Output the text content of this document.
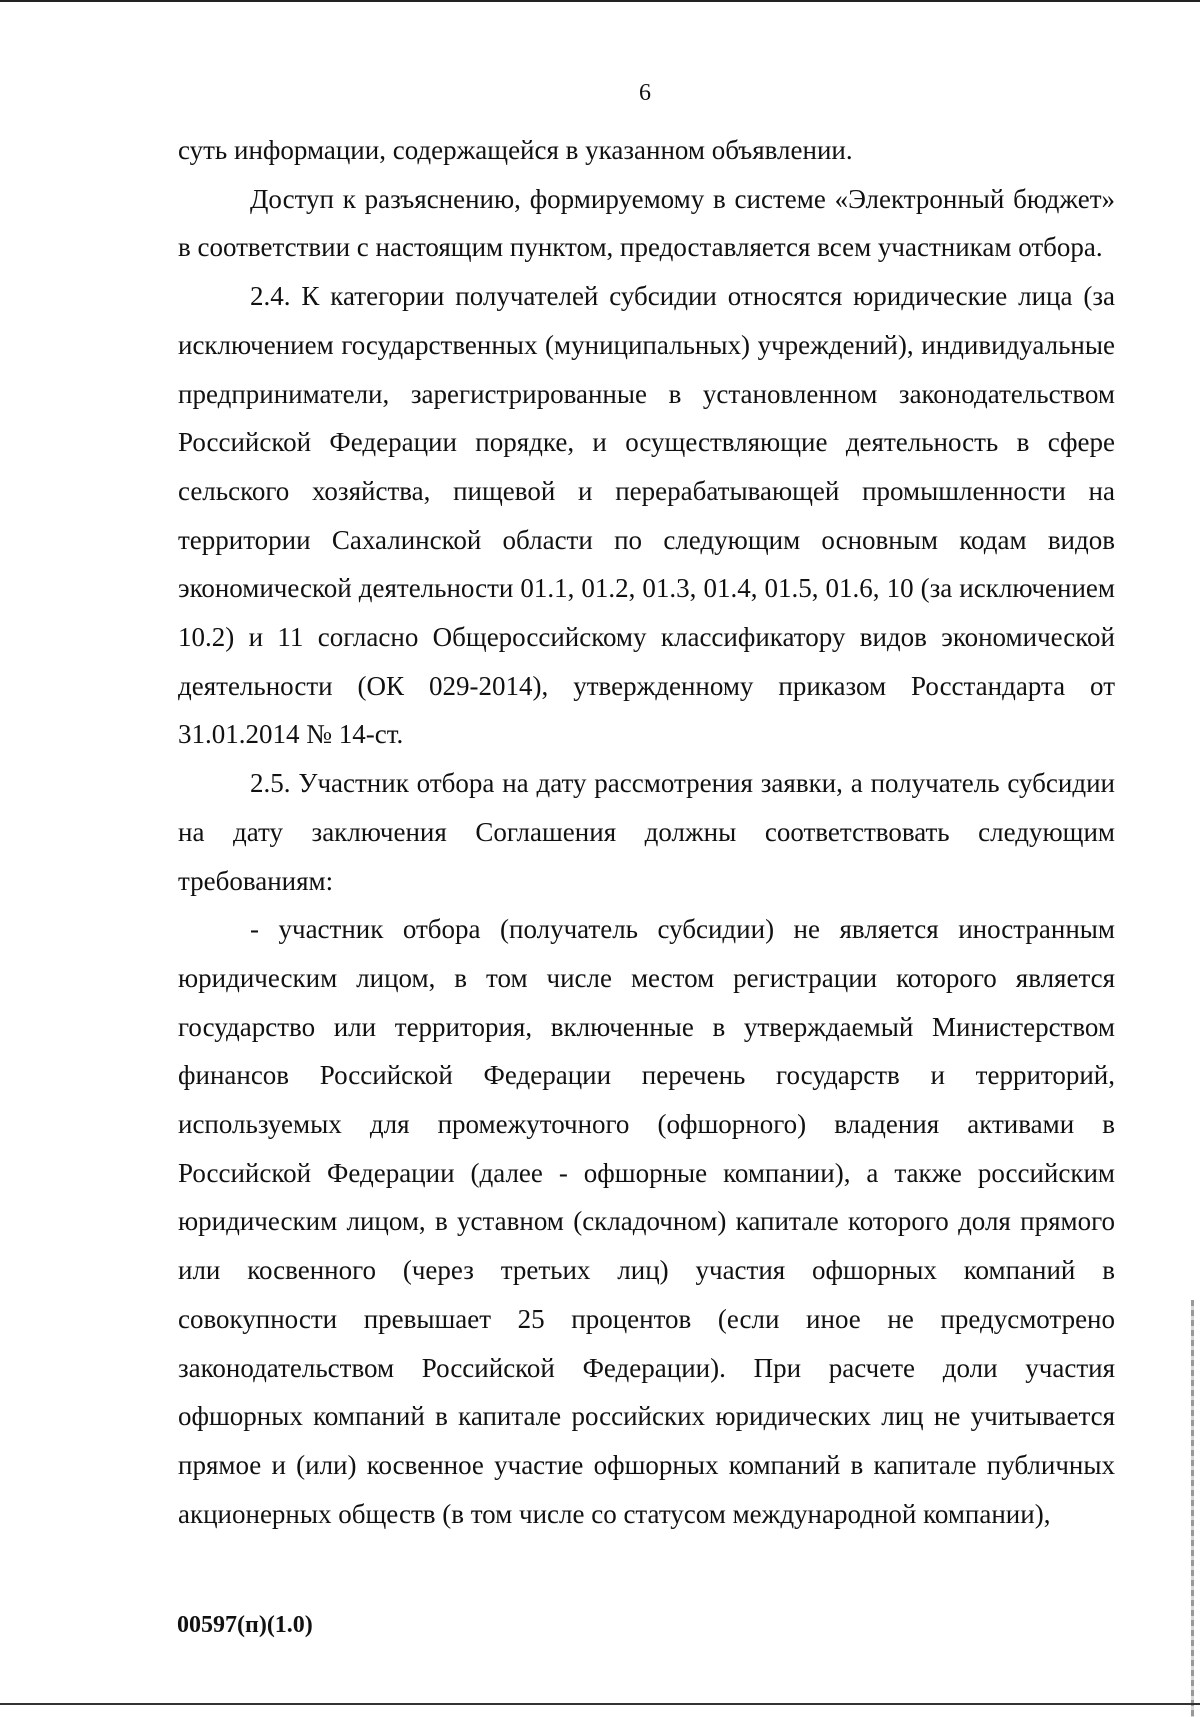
6

суть информации, содержащейся в указанном объявлении.

Доступ к разъяснению, формируемому в системе «Электронный бюджет» в соответствии с настоящим пунктом, предоставляется всем участникам отбора.

2.4. К категории получателей субсидии относятся юридические лица (за исключением государственных (муниципальных) учреждений), индивидуальные предприниматели, зарегистрированные в установленном законодательством Российской Федерации порядке, и осуществляющие деятельность в сфере сельского хозяйства, пищевой и перерабатывающей промышленности на территории Сахалинской области по следующим основным кодам видов экономической деятельности 01.1, 01.2, 01.3, 01.4, 01.5, 01.6, 10 (за исключением 10.2) и 11 согласно Общероссийскому классификатору видов экономической деятельности (ОК 029-2014), утвержденному приказом Росстандарта от 31.01.2014 № 14-ст.

2.5. Участник отбора на дату рассмотрения заявки, а получатель субсидии на дату заключения Соглашения должны соответствовать следующим требованиям:

- участник отбора (получатель субсидии) не является иностранным юридическим лицом, в том числе местом регистрации которого является государство или территория, включенные в утверждаемый Министерством финансов Российской Федерации перечень государств и территорий, используемых для промежуточного (офшорного) владения активами в Российской Федерации (далее - офшорные компании), а также российским юридическим лицом, в уставном (складочном) капитале которого доля прямого или косвенного (через третьих лиц) участия офшорных компаний в совокупности превышает 25 процентов (если иное не предусмотрено законодательством Российской Федерации). При расчете доли участия офшорных компаний в капитале российских юридических лиц не учитывается прямое и (или) косвенное участие офшорных компаний в капитале публичных акционерных обществ (в том числе со статусом международной компании),

00597(п)(1.0)
